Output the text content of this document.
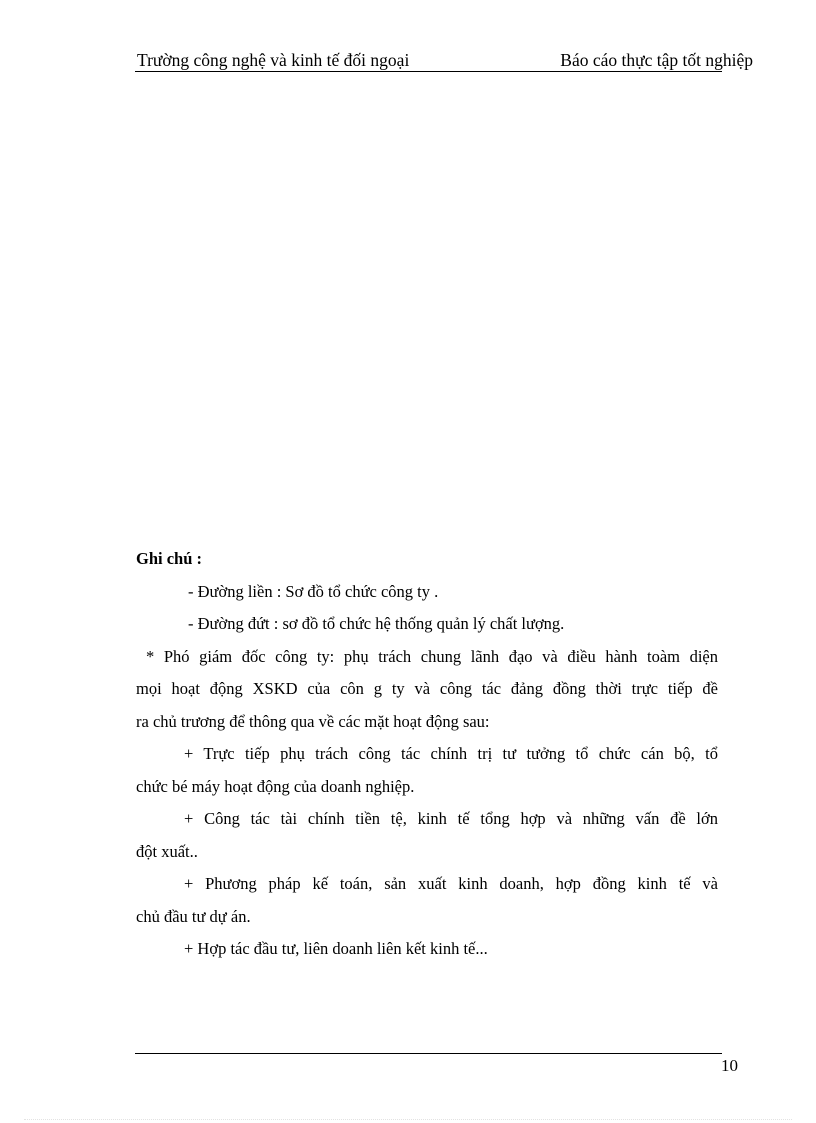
Trường công nghệ và kinh tế đối ngoại	Báo cáo thực tập tốt nghiệp
Ghi chú :
- Đường liền : Sơ đồ tổ chức công ty .
- Đường đứt : sơ đồ tổ chức hệ thống quản lý chất lượng.
* Phó giám đốc công ty: phụ trách chung lãnh đạo và điều hành toàm diện
mọi hoạt động XSKD của côn g ty và công tác đảng đồng thời trực tiếp đề
ra chủ trương để thông qua về các mặt hoạt động sau:
+ Trực tiếp phụ trách công tác chính trị tư tưởng tổ chức cán bộ, tổ
chức bé máy hoạt động của doanh nghiệp.
+ Công tác tài chính tiền tệ, kinh tế tổng hợp và những vấn đề lớn
đột xuất..
+ Phương pháp kế toán, sản xuất kinh doanh, hợp đồng kinh tế và
chủ đầu tư dự án.
+ Hợp tác đầu tư, liên doanh liên kết kinh tế...
10
